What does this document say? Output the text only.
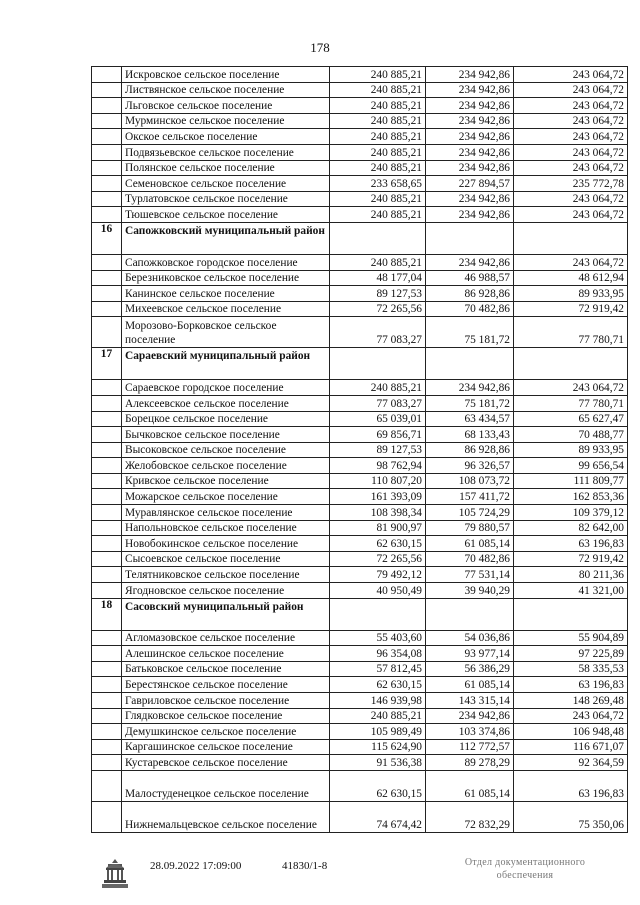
178
	Искровское сельское поселение	240 885,21	234 942,86	243 064,72
	Листвянское сельское поселение	240 885,21	234 942,86	243 064,72
	Льговское сельское поселение	240 885,21	234 942,86	243 064,72
	Мурминское сельское поселение	240 885,21	234 942,86	243 064,72
	Окское сельское поселение	240 885,21	234 942,86	243 064,72
	Подвязьевское сельское поселение	240 885,21	234 942,86	243 064,72
	Полянское сельское поселение	240 885,21	234 942,86	243 064,72
	Семеновское сельское поселение	233 658,65	227 894,57	235 772,78
	Турлатовское сельское поселение	240 885,21	234 942,86	243 064,72
	Тюшевское сельское поселение	240 885,21	234 942,86	243 064,72
16	Сапожковский муниципальный район			
	Сапожковское городское поселение	240 885,21	234 942,86	243 064,72
	Березниковское сельское поселение	48 177,04	46 988,57	48 612,94
	Канинское сельское поселение	89 127,53	86 928,86	89 933,95
	Михеевское сельское поселение	72 265,56	70 482,86	72 919,42
	Морозово-Борковское сельское поселение	77 083,27	75 181,72	77 780,71
17	Сараевский муниципальный район			
	Сараевское городское поселение	240 885,21	234 942,86	243 064,72
	Алексеевское сельское поселение	77 083,27	75 181,72	77 780,71
	Борецкое сельское поселение	65 039,01	63 434,57	65 627,47
	Бычковское сельское поселение	69 856,71	68 133,43	70 488,77
	Высоковское сельское поселение	89 127,53	86 928,86	89 933,95
	Желобовское сельское поселение	98 762,94	96 326,57	99 656,54
	Кривское сельское поселение	110 807,20	108 073,72	111 809,77
	Можарское сельское поселение	161 393,09	157 411,72	162 853,36
	Муравлянское сельское поселение	108 398,34	105 724,29	109 379,12
	Напольновское сельское поселение	81 900,97	79 880,57	82 642,00
	Новобокинское сельское поселение	62 630,15	61 085,14	63 196,83
	Сысоевское сельское поселение	72 265,56	70 482,86	72 919,42
	Телятниковское сельское поселение	79 492,12	77 531,14	80 211,36
	Ягодновское сельское поселение	40 950,49	39 940,29	41 321,00
18	Сасовский муниципальный район			
	Агломазовское сельское поселение	55 403,60	54 036,86	55 904,89
	Алешинское сельское поселение	96 354,08	93 977,14	97 225,89
	Батьковское сельское поселение	57 812,45	56 386,29	58 335,53
	Берестянское сельское поселение	62 630,15	61 085,14	63 196,83
	Гавриловское сельское поселение	146 939,98	143 315,14	148 269,48
	Глядковское сельское поселение	240 885,21	234 942,86	243 064,72
	Демушкинское сельское поселение	105 989,49	103 374,86	106 948,48
	Каргашинское сельское поселение	115 624,90	112 772,57	116 671,07
	Кустаревское сельское поселение	91 536,38	89 278,29	92 364,59
	Малостуденецкое сельское поселение	62 630,15	61 085,14	63 196,83
	Нижнемальцевское сельское поселение	74 674,42	72 832,29	75 350,06
28.09.2022 17:09:00	41830/1-8	Отдел документационного
обеспечения
